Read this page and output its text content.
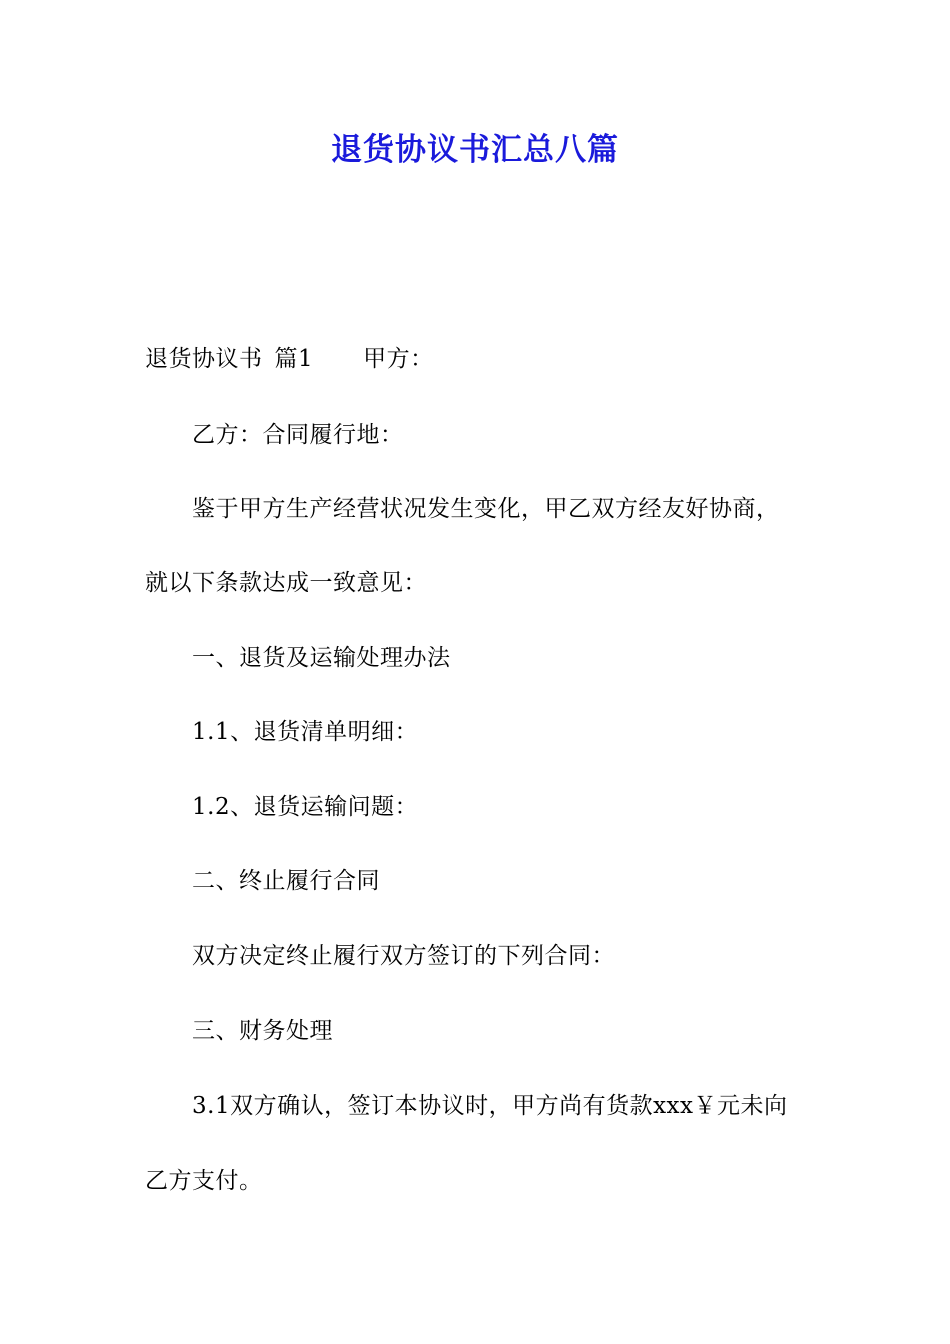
退货协议书汇总八篇
退货协议书 篇1 甲方：
乙方：合同履行地：
鉴于甲方生产经营状况发生变化，甲乙双方经友好协商，
就以下条款达成一致意见：
一、退货及运输处理办法
1.1、退货清单明细：
1.2、退货运输问题：
二、终止履行合同
双方决定终止履行双方签订的下列合同：
三、财务处理
3.1双方确认，签订本协议时，甲方尚有货款xxx￥元未向
乙方支付。
